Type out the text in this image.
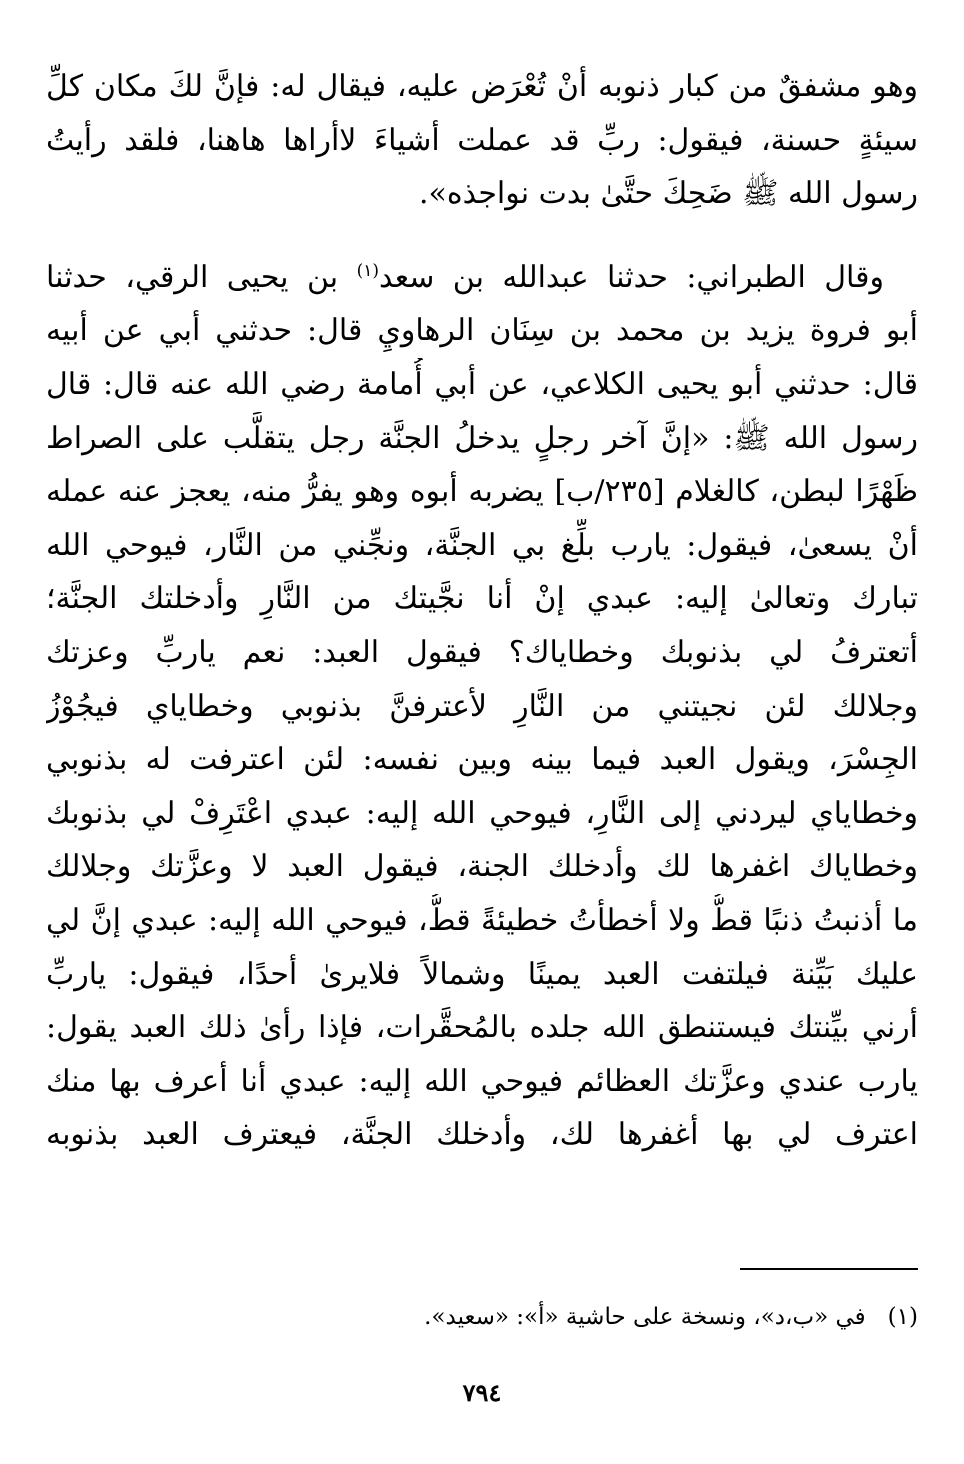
وهو مشفقٌ من كبار ذنوبه أنْ تُعْرَض عليه، فيقال له: فإنَّ لكَ مكان كلِّ
سيئةٍ حسنة، فيقول: ربِّ قد عملت أشياءَ لاأراها هاهنا، فلقد رأيتُ
رسول الله ﷺ ضَحِكَ حتَّىٰ بدت نواجذه».
وقال الطبراني: حدثنا عبدالله بن سعد$^{(١)}$ بن يحيى الرقي، حدثنا
أبو فروة يزيد بن محمد بن سِنَان الرهاويِ قال: حدثني أبي عن أبيه
قال: حدثني أبو يحيى الكلاعي، عن أبي أُمامة رضي الله عنه قال: قال
رسول الله ﷺ: «إنَّ آخر رجلٍ يدخلُ الجنَّة رجل يتقلَّب على الصراط
ظَهْرًا لبطن، كالغلام [٢٣٥/ب] يضربه أبوه وهو يفرُّ منه، يعجز عنه عمله
أنْ يسعىٰ، فيقول: يارب بلِّغ بي الجنَّة، ونجِّني من النَّار، فيوحي الله
تبارك وتعالىٰ إليه: عبدي إنْ أنا نجَّيتك من النَّارِ وأدخلتك الجنَّة؛
أتعترفُ لي بذنوبك وخطاياك؟ فيقول العبد: نعم ياربِّ وعزتك
وجلالك لئن نجيتني من النَّارِ لأعترفنَّ بذنوبي وخطاياي فيجُوْزُ
الجِسْرَ، ويقول العبد فيما بينه وبين نفسه: لئن اعترفت له بذنوبي
وخطاياي ليردني إلى النَّارِ، فيوحي الله إليه: عبدي اعْتَرِفْ لي بذنوبك
وخطاياك اغفرها لك وأدخلك الجنة، فيقول العبد لا وعزَّتك وجلالك
ما أذنبتُ ذنبًا قطُّ ولا أخطأتُ خطيئةً قطُّ، فيوحي الله إليه: عبدي إنَّ لي
عليك بَيِّنة فيلتفت العبد يمينًا وشمالاً فلايرىٰ أحدًا، فيقول: ياربِّ
أرني بيِّنتك فيستنطق الله جلده بالمُحقَّرات، فإذا رأىٰ ذلك العبد يقول:
يارب عندي وعزَّتك العظائم فيوحي الله إليه: عبدي أنا أعرف بها منك
اعترف لي بها أغفرها لك، وأدخلك الجنَّة، فيعترف العبد بذنوبه
(١)في «ب،د»، ونسخة على حاشية «أ»: «سعيد».
٧٩٤
